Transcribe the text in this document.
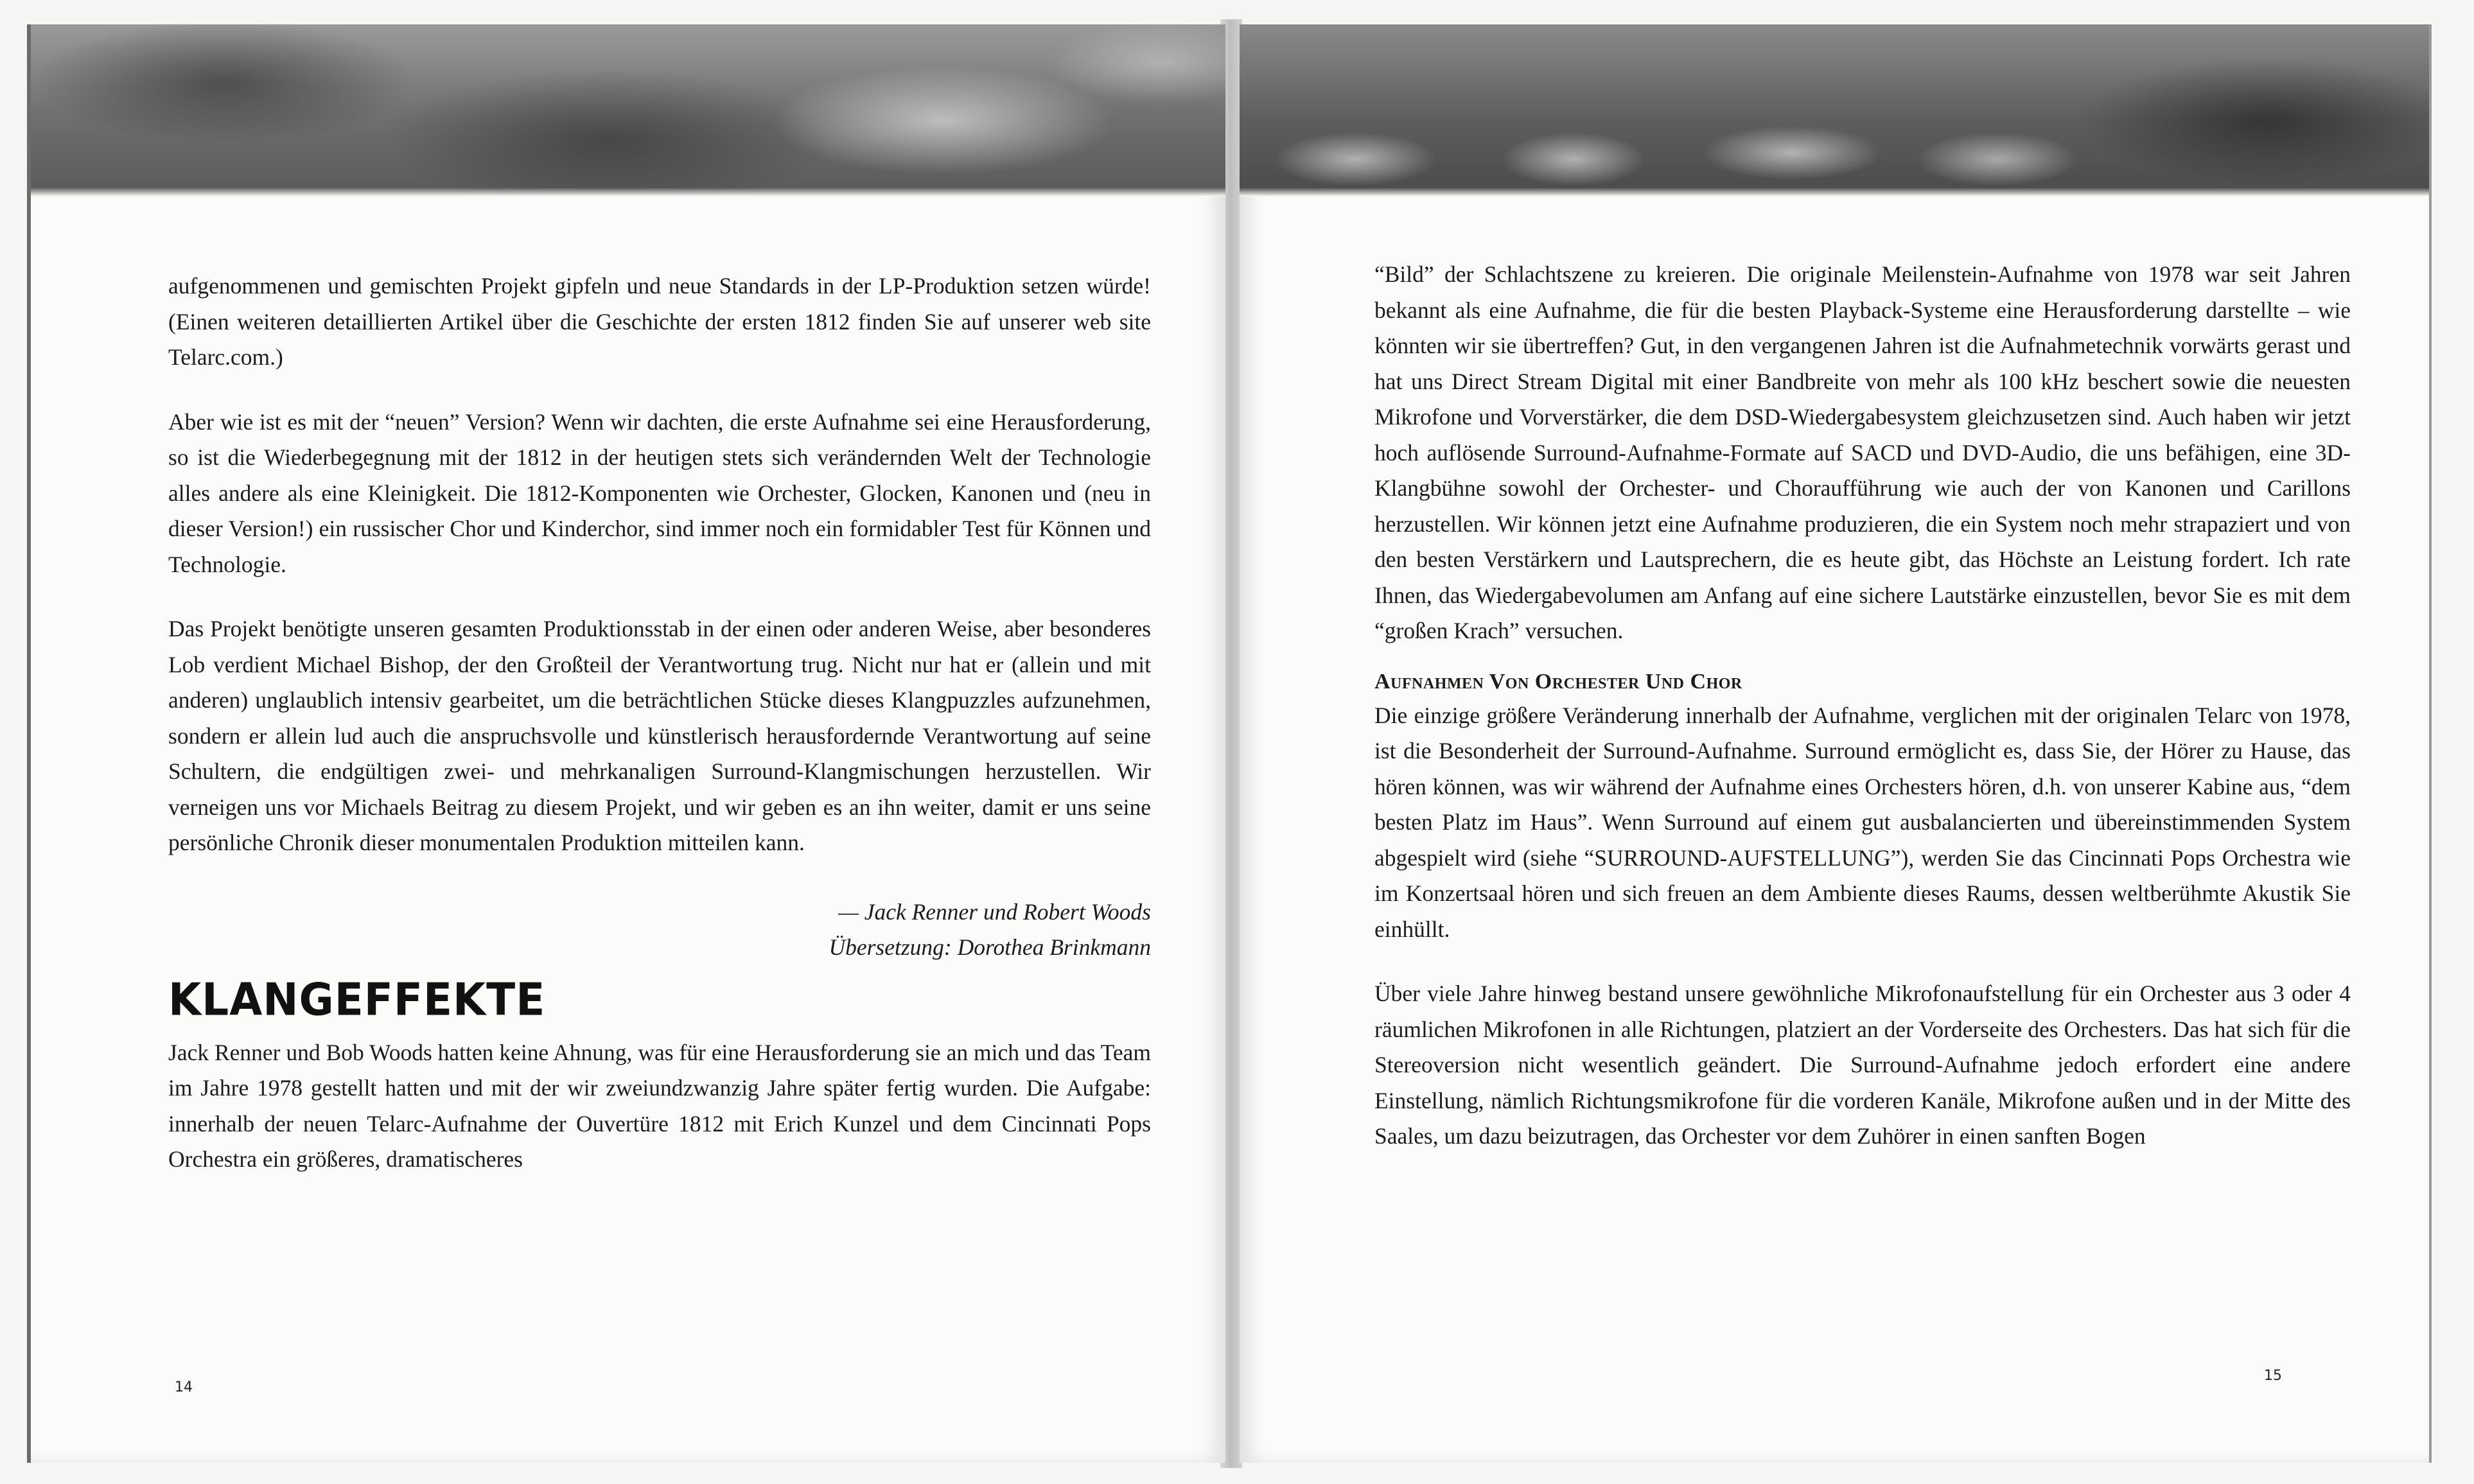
aufgenommenen und gemischten Projekt gipfeln und neue Standards in der LP-Produktion setzen würde! (Einen weiteren detaillierten Artikel über die Geschichte der ersten 1812 finden Sie auf unserer web site Telarc.com.)

Aber wie ist es mit der “neuen” Version? Wenn wir dachten, die erste Aufnahme sei eine Herausforderung, so ist die Wiederbegegnung mit der 1812 in der heutigen stets sich verändernden Welt der Technologie alles andere als eine Kleinigkeit. Die 1812-Komponenten wie Orchester, Glocken, Kanonen und (neu in dieser Version!) ein russischer Chor und Kinderchor, sind immer noch ein formidabler Test für Können und Technologie.

Das Projekt benötigte unseren gesamten Produktionsstab in der einen oder anderen Weise, aber besonderes Lob verdient Michael Bishop, der den Großteil der Verantwortung trug. Nicht nur hat er (allein und mit anderen) unglaublich intensiv gearbeitet, um die beträchtlichen Stücke dieses Klangpuzzles aufzunehmen, sondern er allein lud auch die anspruchsvolle und künstlerisch herausfordernde Verantwortung auf seine Schultern, die endgültigen zwei- und mehrkanaligen Surround-Klangmischungen herzustellen. Wir verneigen uns vor Michaels Beitrag zu diesem Projekt, und wir geben es an ihn weiter, damit er uns seine persönliche Chronik dieser monumentalen Produktion mitteilen kann.

— Jack Renner und Robert Woods

Übersetzung: Dorothea Brinkmann

KLANGEFFEKTE

Jack Renner und Bob Woods hatten keine Ahnung, was für eine Herausforderung sie an mich und das Team im Jahre 1978 gestellt hatten und mit der wir zweiundzwanzig Jahre später fertig wurden. Die Aufgabe: innerhalb der neuen Telarc-Aufnahme der Ouvertüre 1812 mit Erich Kunzel und dem Cincinnati Pops Orchestra ein größeres, dramatischeres

14

“Bild” der Schlachtszene zu kreieren. Die originale Meilenstein-Aufnahme von 1978 war seit Jahren bekannt als eine Aufnahme, die für die besten Playback-Systeme eine Herausforderung darstellte – wie könnten wir sie übertreffen? Gut, in den vergangenen Jahren ist die Aufnahmetechnik vorwärts gerast und hat uns Direct Stream Digital mit einer Bandbreite von mehr als 100 kHz beschert sowie die neuesten Mikrofone und Vorverstärker, die dem DSD-Wiedergabesystem gleichzusetzen sind. Auch haben wir jetzt hoch auflösende Surround-Aufnahme-Formate auf SACD und DVD-Audio, die uns befähigen, eine 3D-Klangbühne sowohl der Orchester- und Choraufführung wie auch der von Kanonen und Carillons herzustellen. Wir können jetzt eine Aufnahme produzieren, die ein System noch mehr strapaziert und von den besten Verstärkern und Lautsprechern, die es heute gibt, das Höchste an Leistung fordert. Ich rate Ihnen, das Wiedergabevolumen am Anfang auf eine sichere Lautstärke einzustellen, bevor Sie es mit dem “großen Krach” versuchen.

Aufnahmen Von Orchester Und Chor

Die einzige größere Veränderung innerhalb der Aufnahme, verglichen mit der originalen Telarc von 1978, ist die Besonderheit der Surround-Aufnahme. Surround ermöglicht es, dass Sie, der Hörer zu Hause, das hören können, was wir während der Aufnahme eines Orchesters hören, d.h. von unserer Kabine aus, “dem besten Platz im Haus”. Wenn Surround auf einem gut ausbalancierten und übereinstimmenden System abgespielt wird (siehe “SURROUND-AUFSTELLUNG”), werden Sie das Cincinnati Pops Orchestra wie im Konzertsaal hören und sich freuen an dem Ambiente dieses Raums, dessen weltberühmte Akustik Sie einhüllt.

Über viele Jahre hinweg bestand unsere gewöhnliche Mikrofonaufstellung für ein Orchester aus 3 oder 4 räumlichen Mikrofonen in alle Richtungen, platziert an der Vorderseite des Orchesters. Das hat sich für die Stereoversion nicht wesentlich geändert. Die Surround-Aufnahme jedoch erfordert eine andere Einstellung, nämlich Richtungsmikrofone für die vorderen Kanäle, Mikrofone außen und in der Mitte des Saales, um dazu beizutragen, das Orchester vor dem Zuhörer in einen sanften Bogen

15
